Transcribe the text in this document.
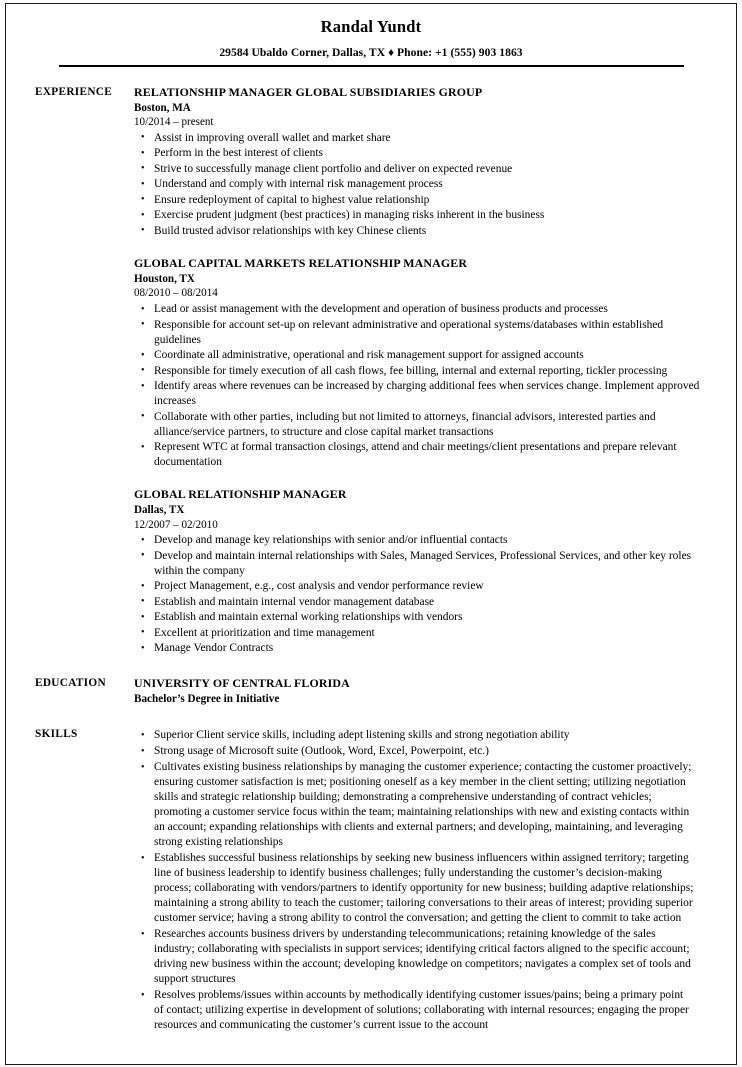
Randal Yundt
29584 Ubaldo Corner, Dallas, TX ♦ Phone: +1 (555) 903 1863
EXPERIENCE	RELATIONSHIP MANAGER GLOBAL SUBSIDIARIES GROUP
Boston, MA
10/2014 – present
• Assist in improving overall wallet and market share
• Perform in the best interest of clients
• Strive to successfully manage client portfolio and deliver on expected revenue
• Understand and comply with internal risk management process
• Ensure redeployment of capital to highest value relationship
• Exercise prudent judgment (best practices) in managing risks inherent in the business
• Build trusted advisor relationships with key Chinese clients
GLOBAL CAPITAL MARKETS RELATIONSHIP MANAGER
Houston, TX
08/2010 – 08/2014
• Lead or assist management with the development and operation of business products and processes
• Responsible for account set-up on relevant administrative and operational systems/databases within established guidelines
• Coordinate all administrative, operational and risk management support for assigned accounts
• Responsible for timely execution of all cash flows, fee billing, internal and external reporting, tickler processing
• Identify areas where revenues can be increased by charging additional fees when services change. Implement approved increases
• Collaborate with other parties, including but not limited to attorneys, financial advisors, interested parties and alliance/service partners, to structure and close capital market transactions
• Represent WTC at formal transaction closings, attend and chair meetings/client presentations and prepare relevant documentation
GLOBAL RELATIONSHIP MANAGER
Dallas, TX
12/2007 – 02/2010
• Develop and manage key relationships with senior and/or influential contacts
• Develop and maintain internal relationships with Sales, Managed Services, Professional Services, and other key roles within the company
• Project Management, e.g., cost analysis and vendor performance review
• Establish and maintain internal vendor management database
• Establish and maintain external working relationships with vendors
• Excellent at prioritization and time management
• Manage Vendor Contracts
EDUCATION	UNIVERSITY OF CENTRAL FLORIDA
Bachelor’s Degree in Initiative
SKILLS	• Superior Client service skills, including adept listening skills and strong negotiation ability
• Strong usage of Microsoft suite (Outlook, Word, Excel, Powerpoint, etc.)
• Cultivates existing business relationships by managing the customer experience; contacting the customer proactively; ensuring customer satisfaction is met; positioning oneself as a key member in the client setting; utilizing negotiation skills and strategic relationship building; demonstrating a comprehensive understanding of contract vehicles; promoting a customer service focus within the team; maintaining relationships with new and existing contacts within an account; expanding relationships with clients and external partners; and developing, maintaining, and leveraging strong existing relationships
• Establishes successful business relationships by seeking new business influencers within assigned territory; targeting line of business leadership to identify business challenges; fully understanding the customer’s decision-making process; collaborating with vendors/partners to identify opportunity for new business; building adaptive relationships; maintaining a strong ability to teach the customer; tailoring conversations to their areas of interest; providing superior customer service; having a strong ability to control the conversation; and getting the client to commit to take action
• Researches accounts business drivers by understanding telecommunications; retaining knowledge of the sales industry; collaborating with specialists in support services; identifying critical factors aligned to the specific account; driving new business within the account; developing knowledge on competitors; navigates a complex set of tools and support structures
• Resolves problems/issues within accounts by methodically identifying customer issues/pains; being a primary point of contact; utilizing expertise in development of solutions; collaborating with internal resources; engaging the proper resources and communicating the customer’s current issue to the account
